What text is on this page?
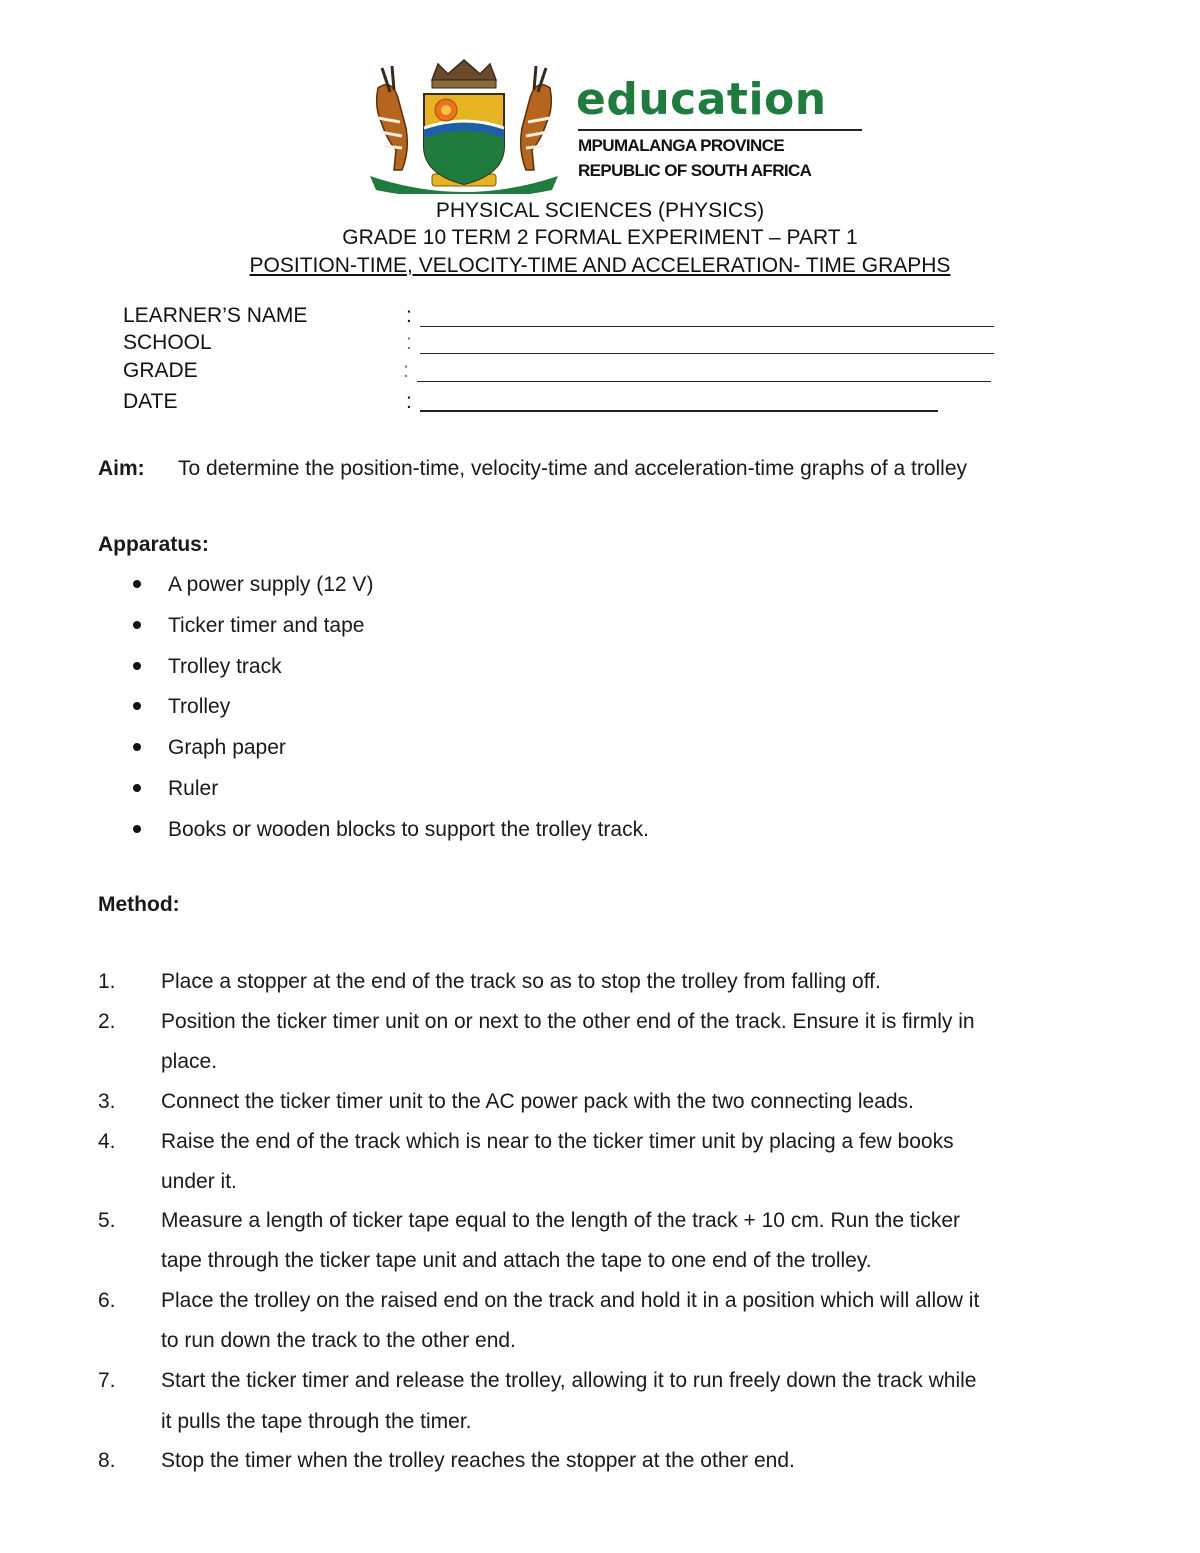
education
MPUMALANGA PROVINCE
REPUBLIC OF SOUTH AFRICA

PHYSICAL SCIENCES (PHYSICS)

GRADE 10 TERM 2 FORMAL EXPERIMENT – PART 1

POSITION-TIME, VELOCITY-TIME AND ACCELERATION- TIME GRAPHS

LEARNER’S NAME	:
SCHOOL	:
GRADE	:
DATE	:
Aim: To determine the position-time, velocity-time and acceleration-time graphs of a trolley
Apparatus:
A power supply (12 V)
Ticker timer and tape
Trolley track
Trolley
Graph paper
Ruler
Books or wooden blocks to support the trolley track.
Method:
1. Place a stopper at the end of the track so as to stop the trolley from falling off.
2. Position the ticker timer unit on or next to the other end of the track. Ensure it is firmly in
place.
3. Connect the ticker timer unit to the AC power pack with the two connecting leads.
4. Raise the end of the track which is near to the ticker timer unit by placing a few books
under it.
5. Measure a length of ticker tape equal to the length of the track + 10 cm. Run the ticker
tape through the ticker tape unit and attach the tape to one end of the trolley.
6. Place the trolley on the raised end on the track and hold it in a position which will allow it
to run down the track to the other end.
7. Start the ticker timer and release the trolley, allowing it to run freely down the track while
it pulls the tape through the timer.
8. Stop the timer when the trolley reaches the stopper at the other end.
